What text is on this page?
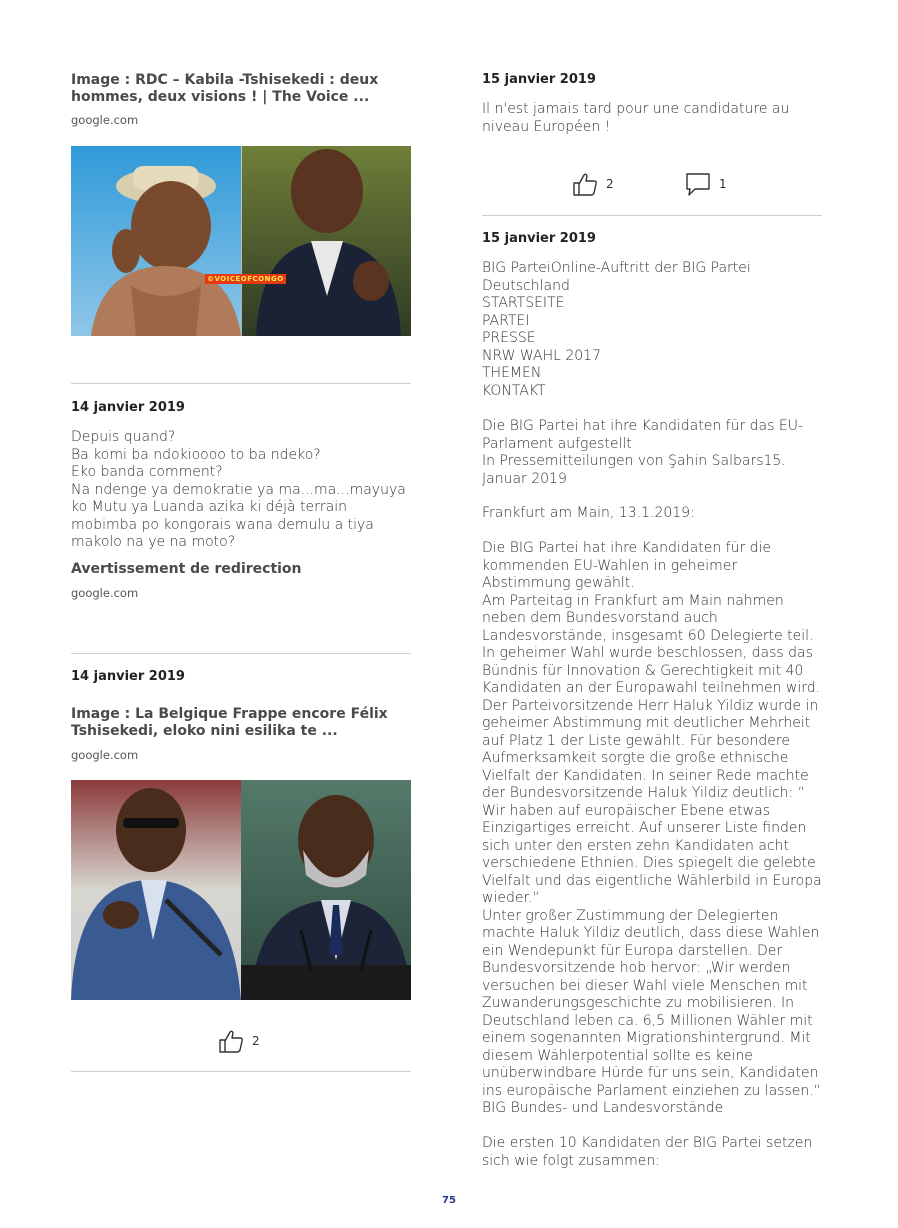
Image : RDC – Kabila -Tshisekedi : deux hommes, deux visions ! | The Voice ...
google.com
©VOICEOFCONGO
14 janvier 2019
Depuis quand?
Ba komi ba ndokioooo to ba ndeko?
Eko banda comment?
Na ndenge ya demokratie ya ma...ma...mayuya ko Mutu ya Luanda azika ki déjà terrain mobimba po kongorais wana demulu a tiya makolo na ye na moto?
Avertissement de redirection
google.com
14 janvier 2019
Image : La Belgique Frappe encore Félix Tshisekedi, eloko nini esilika te ...
google.com
2
15 janvier 2019
Il n'est jamais tard pour une candidature au niveau Européen !
2	1
15 janvier 2019
BIG ParteiOnline-Auftritt der BIG Partei Deutschland
STARTSEITE
PARTEI
PRESSE
NRW WAHL 2017
THEMEN
KONTAKT
Die BIG Partei hat ihre Kandidaten für das EU-Parlament aufgestellt
In Pressemitteilungen von Şahin Salbars15. Januar 2019
Frankfurt am Main, 13.1.2019:
Die BIG Partei hat ihre Kandidaten für die kommenden EU-Wahlen in geheimer Abstimmung gewählt.
Am Parteitag in Frankfurt am Main nahmen neben dem Bundesvorstand auch Landesvorstände, insgesamt 60 Delegierte teil. In geheimer Wahl wurde beschlossen, dass das Bündnis für Innovation & Gerechtigkeit mit 40 Kandidaten an der Europawahl teilnehmen wird. Der Parteivorsitzende Herr Haluk Yildiz wurde in geheimer Abstimmung mit deutlicher Mehrheit auf Platz 1 der Liste gewählt. Für besondere Aufmerksamkeit sorgte die große ethnische Vielfalt der Kandidaten. In seiner Rede machte der Bundesvorsitzende Haluk Yildiz deutlich: “ Wir haben auf europäischer Ebene etwas Einzigartiges erreicht. Auf unserer Liste finden sich unter den ersten zehn Kandidaten acht verschiedene Ethnien. Dies spiegelt die gelebte Vielfalt und das eigentliche Wählerbild in Europa wieder.“
Unter großer Zustimmung der Delegierten machte Haluk Yildiz deutlich, dass diese Wahlen ein Wendepunkt für Europa darstellen. Der Bundesvorsitzende hob hervor: „Wir werden versuchen bei dieser Wahl viele Menschen mit Zuwanderungsgeschichte zu mobilisieren. In Deutschland leben ca. 6,5 Millionen Wähler mit einem sogenannten Migrationshintergrund. Mit diesem Wählerpotential sollte es keine unüberwindbare Hürde für uns sein, Kandidaten ins europäische Parlament einziehen zu lassen.“
BIG Bundes- und Landesvorstände
Die ersten 10 Kandidaten der BIG Partei setzen sich wie folgt zusammen:
75
